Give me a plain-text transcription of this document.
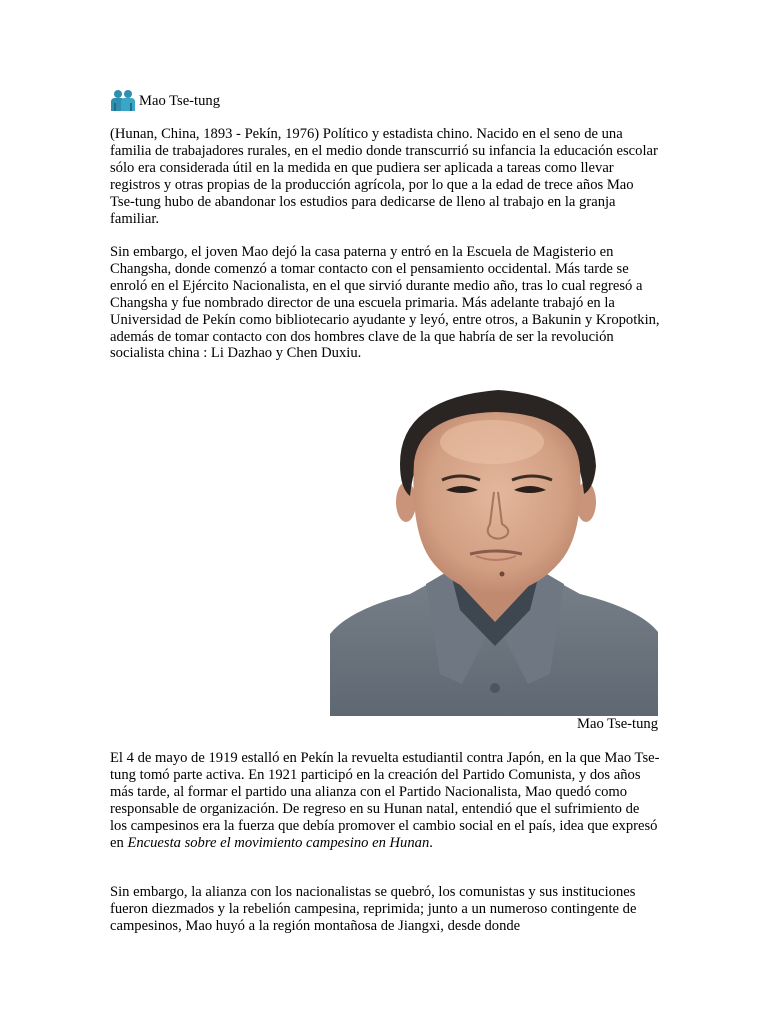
Mao Tse-tung

(Hunan, China, 1893 - Pekín, 1976) Político y estadista chino. Nacido en el seno de una familia de trabajadores rurales, en el medio donde transcurrió su infancia la educación escolar sólo era considerada útil en la medida en que pudiera ser aplicada a tareas como llevar registros y otras propias de la producción agrícola, por lo que a la edad de trece años Mao Tse-tung hubo de abandonar los estudios para dedicarse de lleno al trabajo en la granja familiar.

Sin embargo, el joven Mao dejó la casa paterna y entró en la Escuela de Magisterio en Changsha, donde comenzó a tomar contacto con el pensamiento occidental. Más tarde se enroló en el Ejército Nacionalista, en el que sirvió durante medio año, tras lo cual regresó a Changsha y fue nombrado director de una escuela primaria. Más adelante trabajó en la Universidad de Pekín como bibliotecario ayudante y leyó, entre otros, a Bakunin y Kropotkin, además de tomar contacto con dos hombres clave de la que habría de ser la revolución socialista china : Li Dazhao y Chen Duxiu.

Mao Tse-tung

El 4 de mayo de 1919 estalló en Pekín la revuelta estudiantil contra Japón, en la que Mao Tse-tung tomó parte activa. En 1921 participó en la creación del Partido Comunista, y dos años más tarde, al formar el partido una alianza con el Partido Nacionalista, Mao quedó como responsable de organización. De regreso en su Hunan natal, entendió que el sufrimiento de los campesinos era la fuerza que debía promover el cambio social en el país, idea que expresó en Encuesta sobre el movimiento campesino en Hunan.

Sin embargo, la alianza con los nacionalistas se quebró, los comunistas y sus instituciones fueron diezmados y la rebelión campesina, reprimida; junto a un numeroso contingente de campesinos, Mao huyó a la región montañosa de Jiangxi, desde donde
